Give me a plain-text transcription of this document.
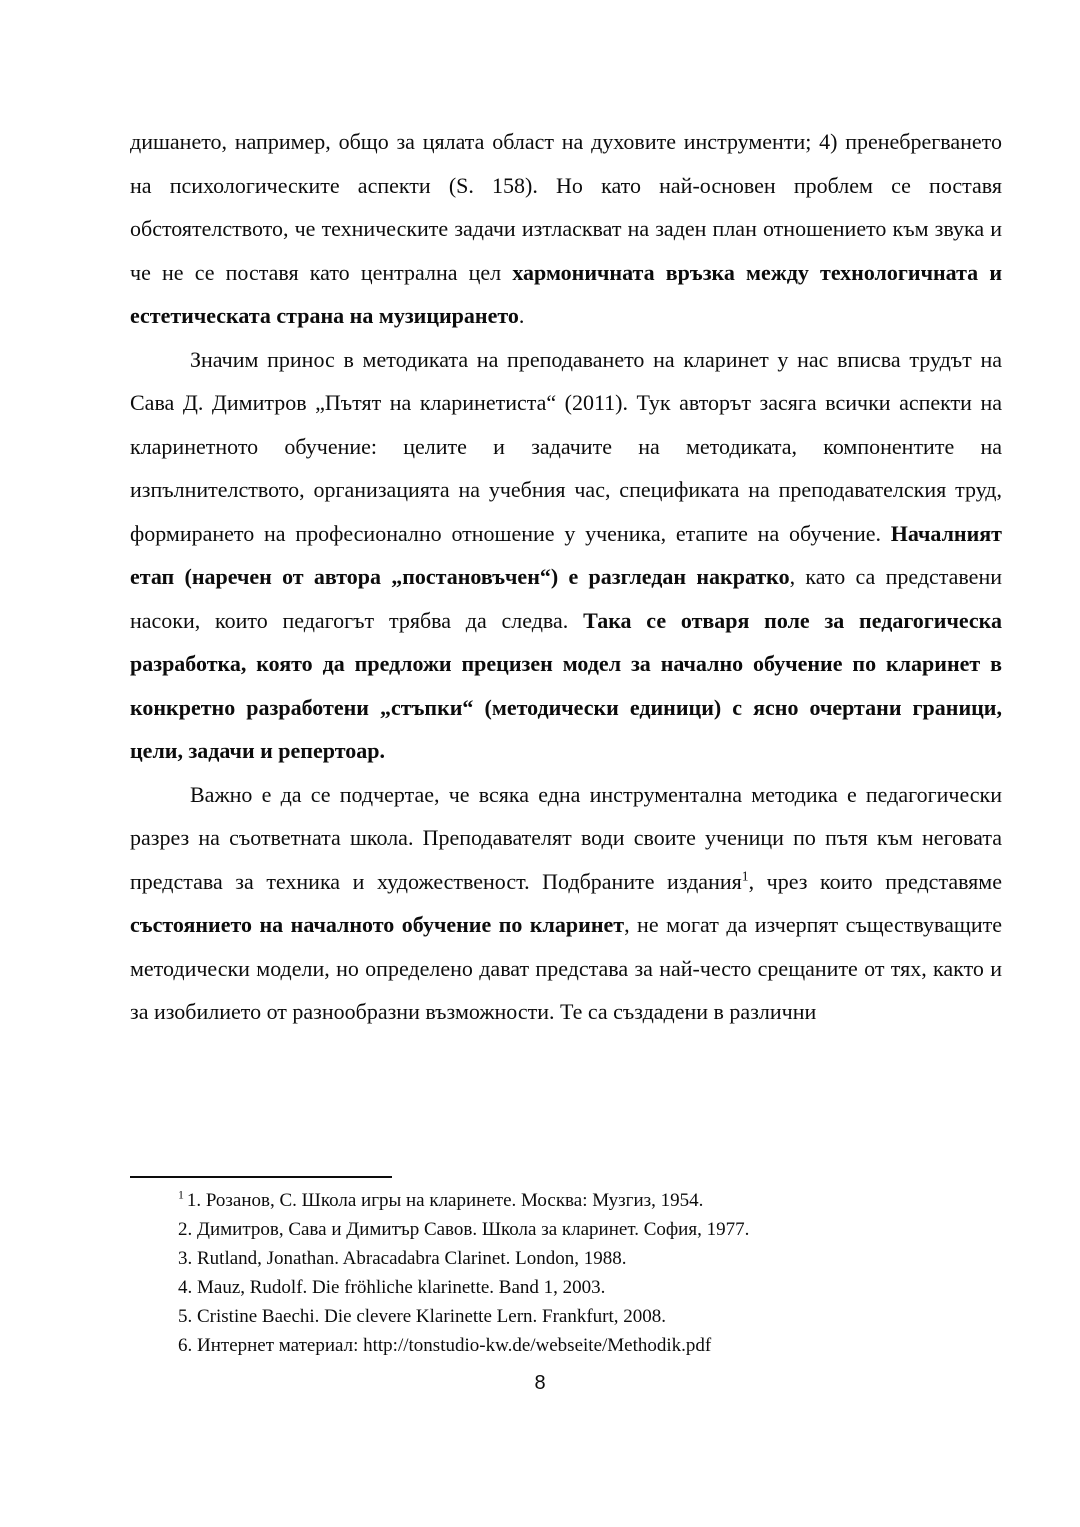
дишането, например, общо за цялата област на духовите инструменти; 4) пренебрегването на психологическите аспекти (S. 158). Но като най-основен проблем се поставя обстоятелството, че техническите задачи изтласкват на заден план отношението към звука и че не се поставя като централна цел хармоничната връзка между технологичната и естетическата страна на музицирането.

Значим принос в методиката на преподаването на кларинет у нас вписва трудът на Сава Д. Димитров „Пътят на кларинетиста“ (2011). Тук авторът засяга всички аспекти на кларинетното обучение: целите и задачите на методиката, компонентите на изпълнителството, организацията на учебния час, спецификата на преподавателския труд, формирането на професионално отношение у ученика, етапите на обучение. Началният етап (наречен от автора „постановъчен“) е разгледан накратко, като са представени насоки, които педагогът трябва да следва. Така се отваря поле за педагогическа разработка, която да предложи прецизен модел за начално обучение по кларинет в конкретно разработени „стъпки“ (методически единици) с ясно очертани граници, цели, задачи и репертоар.

Важно е да се подчертае, че всяка една инструментална методика е педагогически разрез на съответната школа. Преподавателят води своите ученици по пътя към неговата представа за техника и художественост. Подбраните издания$^1$, чрез които представяме състоянието на началното обучение по кларинет, не могат да изчерпят съществуващите методически модели, но определено дават представа за най-често срещаните от тях, както и за изобилието от разнообразни възможности. Те са създадени в различни

$^1$ 1. Розанов, С. Школа игры на кларинете. Москва: Музгиз, 1954.
2. Димитров, Сава и Димитър Савов. Школа за кларинет. София, 1977.
3. Rutland, Jonathan. Abracadabra Clarinet. London, 1988.
4. Mauz, Rudolf. Die fröhliche klarinette. Band 1, 2003.
5. Cristine Baechi. Die clevere Klarinette Lern. Frankfurt, 2008.
6. Интернет материал: http://tonstudio-kw.de/webseite/Methodik.pdf
8
